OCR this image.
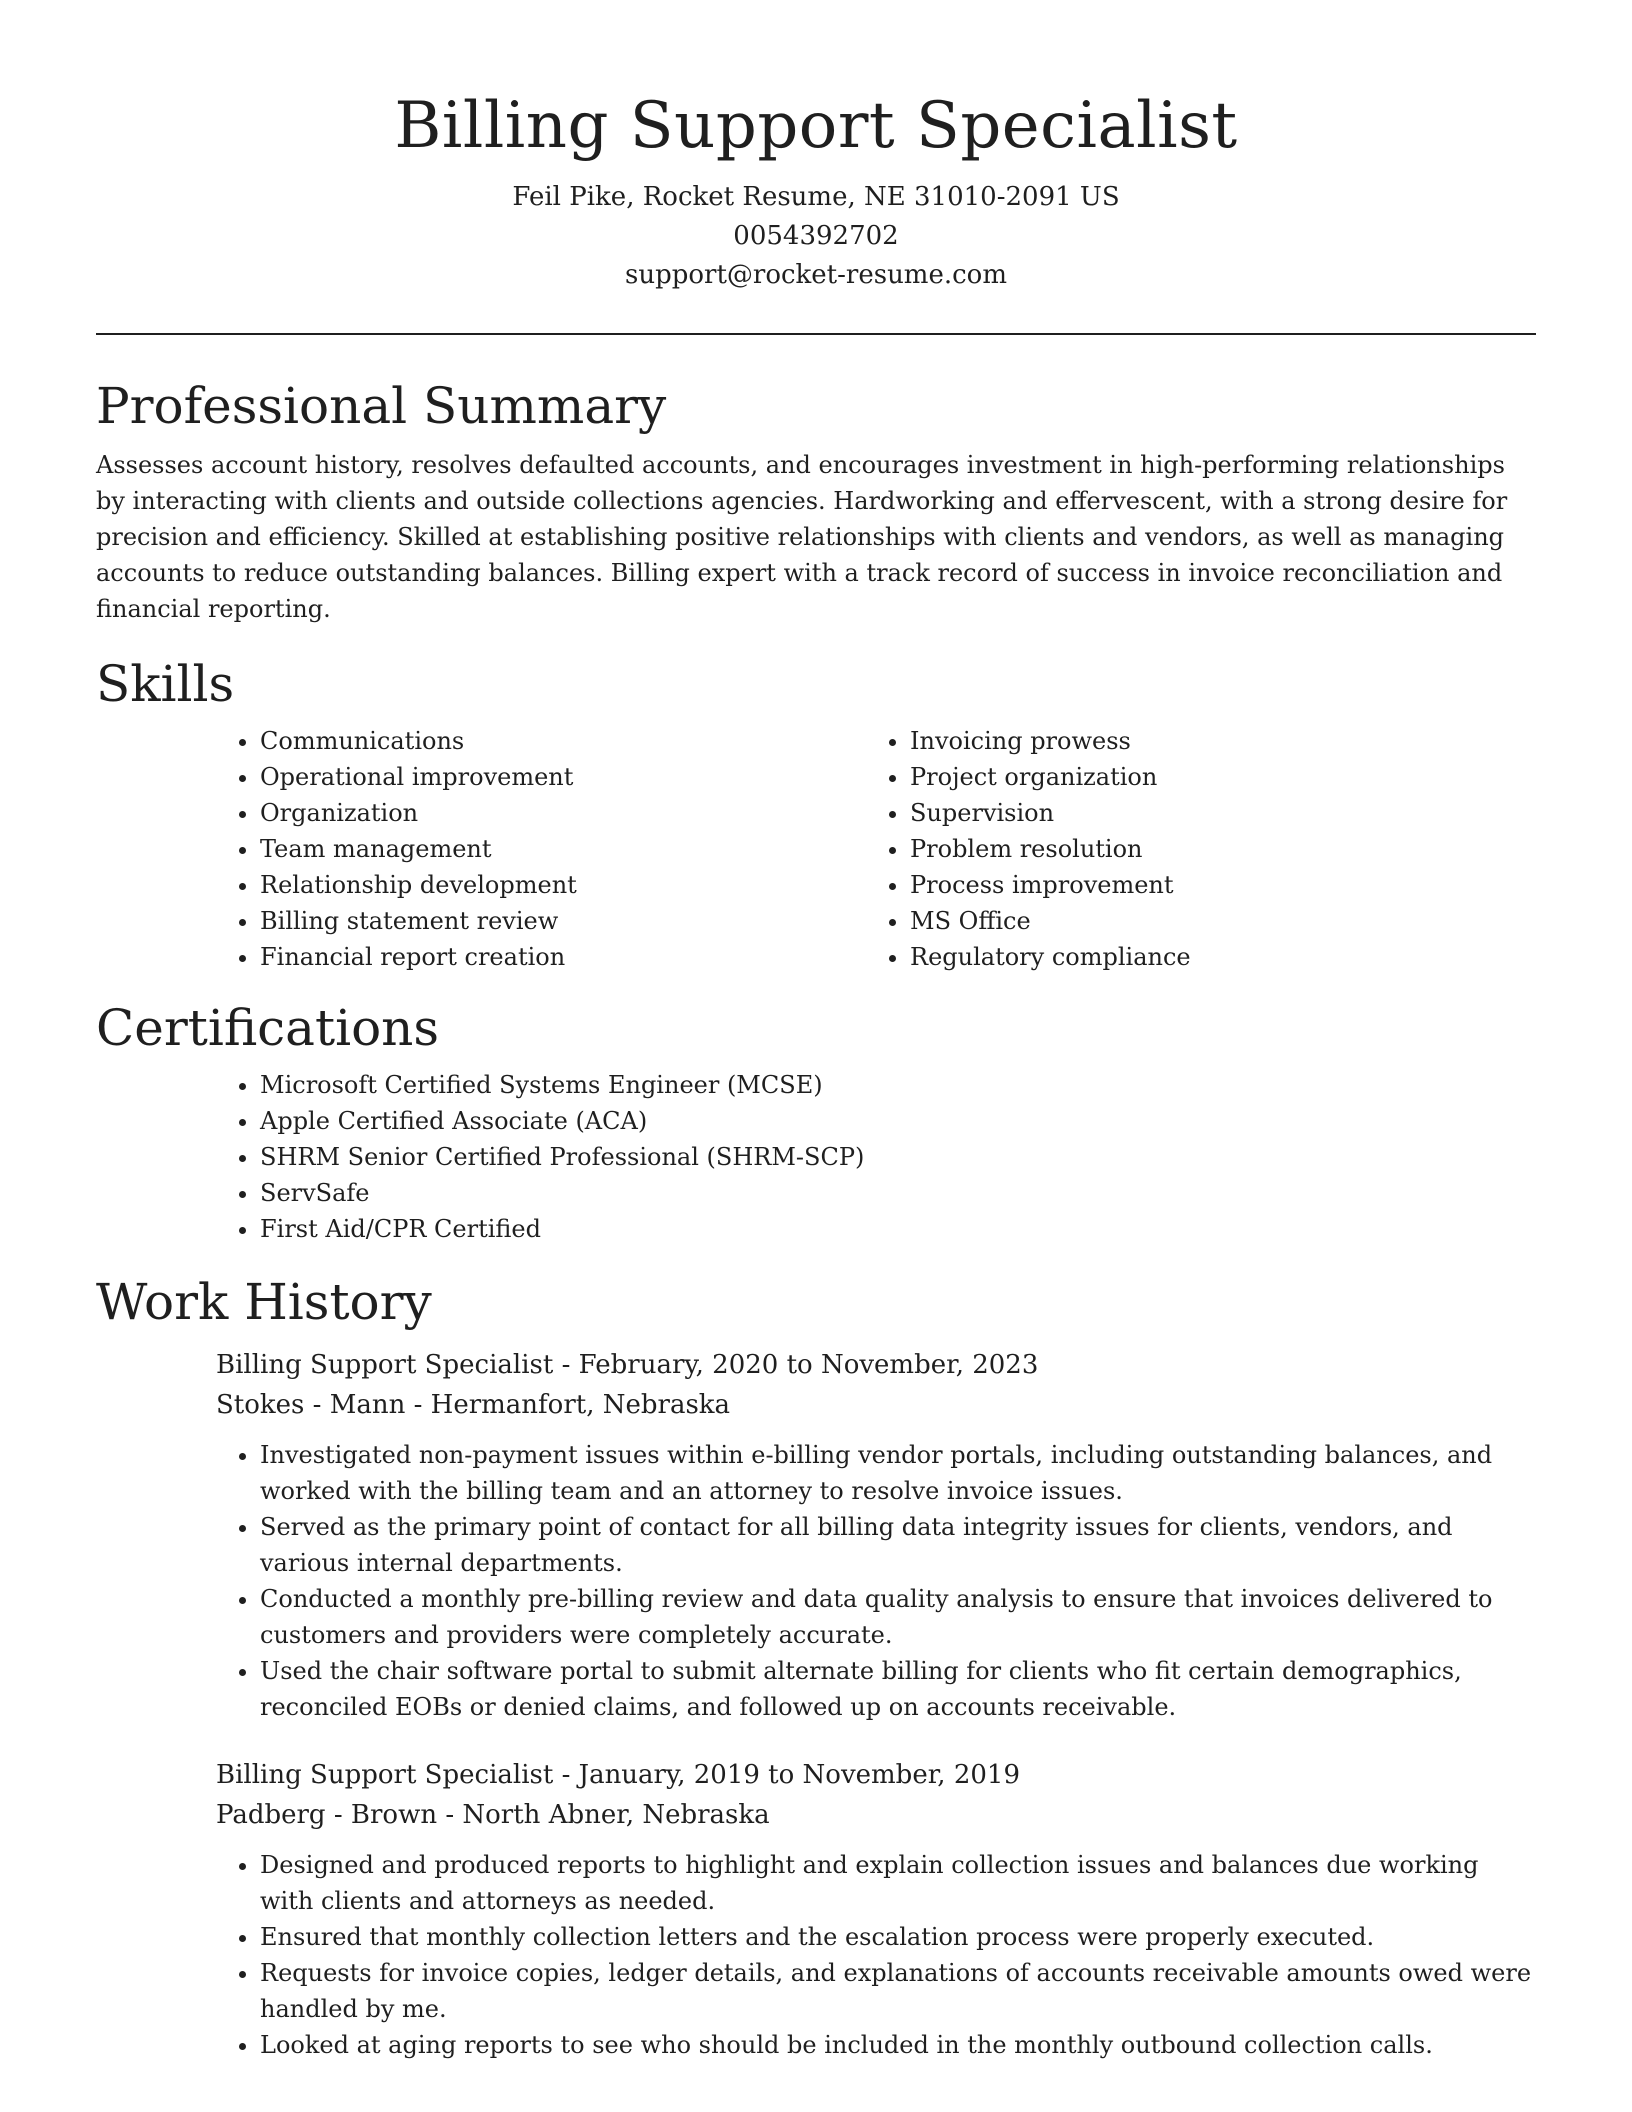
Billing Support Specialist

Feil Pike, Rocket Resume, NE 31010-2091 US

0054392702

support@rocket-resume.com

Professional Summary

Assesses account history, resolves defaulted accounts, and encourages investment in high-performing relationships by interacting with clients and outside collections agencies. Hardworking and effervescent, with a strong desire for precision and efficiency. Skilled at establishing positive relationships with clients and vendors, as well as managing accounts to reduce outstanding balances. Billing expert with a track record of success in invoice reconciliation and financial reporting.

Skills
• Communications
• Operational improvement
• Organization
• Team management
• Relationship development
• Billing statement review
• Financial report creation
• Invoicing prowess
• Project organization
• Supervision
• Problem resolution
• Process improvement
• MS Office
• Regulatory compliance
Certifications
• Microsoft Certified Systems Engineer (MCSE)
• Apple Certified Associate (ACA)
• SHRM Senior Certified Professional (SHRM-SCP)
• ServSafe
• First Aid/CPR Certified
Work History

Billing Support Specialist - February, 2020 to November, 2023

Stokes - Mann - Hermanfort, Nebraska

• Investigated non-payment issues within e-billing vendor portals, including outstanding balances, and worked with the billing team and an attorney to resolve invoice issues.
• Served as the primary point of contact for all billing data integrity issues for clients, vendors, and various internal departments.
• Conducted a monthly pre-billing review and data quality analysis to ensure that invoices delivered to customers and providers were completely accurate.
• Used the chair software portal to submit alternate billing for clients who fit certain demographics, reconciled EOBs or denied claims, and followed up on accounts receivable.

Billing Support Specialist - January, 2019 to November, 2019

Padberg - Brown - North Abner, Nebraska

• Designed and produced reports to highlight and explain collection issues and balances due working with clients and attorneys as needed.
• Ensured that monthly collection letters and the escalation process were properly executed.
• Requests for invoice copies, ledger details, and explanations of accounts receivable amounts owed were handled by me.
• Looked at aging reports to see who should be included in the monthly outbound collection calls.
